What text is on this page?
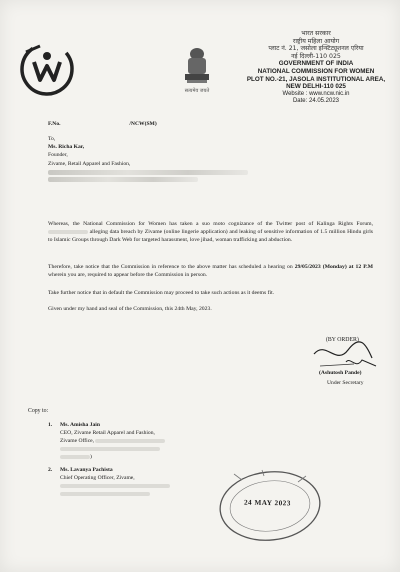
सत्यमेव जयते
भारत सरकार
राष्ट्रीय महिला आयोग
प्लाट नं. 21, जसोला इन्स्टिट्यूशनल एरिया
नई दिल्ली-110 025
GOVERNMENT OF INDIA
NATIONAL COMMISSION FOR WOMEN
PLOT NO.-21, JASOLA INSTITUTIONAL AREA,
NEW DELHI-110 025
Website : www.ncw.nic.in
Date: 24.05.2023
F.No.	/NCW(SM)
To,
Ms. Richa Kar,
Founder,
Zivame, Retail Apparel and Fashion,
Whereas, the National Commission for Women has taken a suo moto cognizance of the Twitter post of Kalinga Rights Forum,  alleging data breach by Zivame (online lingerie application) and leaking of sensitive information of 1.5 million Hindu girls to Islamic Groups through Dark Web for targeted harassment, love jihad, woman trafficking and abduction.
Therefore, take notice that the Commission in reference to the above matter has scheduled a hearing on 29/05/2023 (Monday) at 12 P.M wherein you are, required to appear before the Commission in person.
Take further notice that in default the Commission may proceed to take such actions as it deems fit.
Given under my hand and seal of the Commission, this 24th May, 2023.
(BY ORDER)
(Ashutosh Pande)
Under Secretary
Copy to:
1. Ms. Amisha Jain
CEO, Zivame Retail Apparel and Fashion,
Zivame Office,
)
2. Ms. Lavanya Pachista
Chief Operating Officer, Zivame,
24 MAY 2023
